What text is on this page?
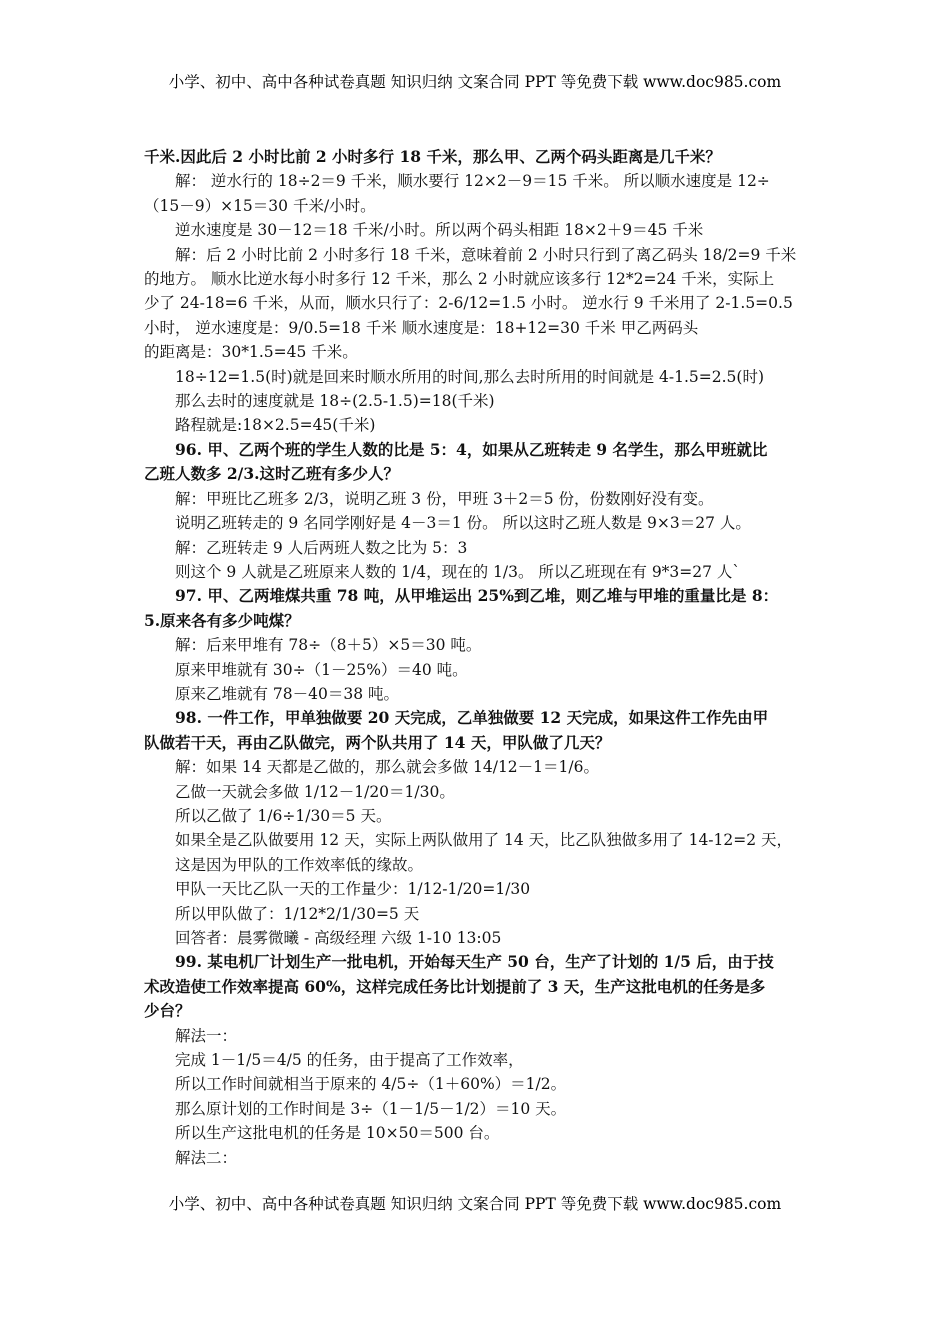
小学、初中、高中各种试卷真题 知识归纳 文案合同 PPT 等免费下载 www.doc985.com
千米.因此后 2 小时比前 2 小时多行 18 千米，那么甲、乙两个码头距离是几千米？
解： 逆水行的 18÷2＝9 千米，顺水要行 12×2－9＝15 千米。 所以顺水速度是 12÷
（15－9）×15＝30 千米/小时。
逆水速度是 30－12＝18 千米/小时。所以两个码头相距 18×2＋9＝45 千米
解：后 2 小时比前 2 小时多行 18 千米，意味着前 2 小时只行到了离乙码头 18/2=9 千米
的地方。 顺水比逆水每小时多行 12 千米，那么 2 小时就应该多行 12*2=24 千米，实际上
少了 24-18=6 千米，从而，顺水只行了：2-6/12=1.5 小时。 逆水行 9 千米用了 2-1.5=0.5
小时， 逆水速度是：9/0.5=18 千米 顺水速度是：18+12=30 千米 甲乙两码头
的距离是：30*1.5=45 千米。
18÷12=1.5(时)就是回来时顺水所用的时间,那么去时所用的时间就是 4-1.5=2.5(时)
那么去时的速度就是 18÷(2.5-1.5)=18(千米)
路程就是:18×2.5=45(千米)
96. 甲、乙两个班的学生人数的比是 5：4，如果从乙班转走 9 名学生，那么甲班就比
乙班人数多 2/3.这时乙班有多少人？
解：甲班比乙班多 2/3，说明乙班 3 份，甲班 3＋2＝5 份，份数刚好没有变。
说明乙班转走的 9 名同学刚好是 4－3＝1 份。 所以这时乙班人数是 9×3＝27 人。
解：乙班转走 9 人后两班人数之比为 5：3
则这个 9 人就是乙班原来人数的 1/4，现在的 1/3。 所以乙班现在有 9*3=27 人`
97. 甲、乙两堆煤共重 78 吨，从甲堆运出 25%到乙堆，则乙堆与甲堆的重量比是 8：
5.原来各有多少吨煤？
解：后来甲堆有 78÷（8＋5）×5＝30 吨。
原来甲堆就有 30÷（1－25%）＝40 吨。
原来乙堆就有 78－40＝38 吨。
98. 一件工作，甲单独做要 20 天完成，乙单独做要 12 天完成，如果这件工作先由甲
队做若干天，再由乙队做完，两个队共用了 14 天，甲队做了几天？
解：如果 14 天都是乙做的，那么就会多做 14/12－1＝1/6。
乙做一天就会多做 1/12－1/20＝1/30。
所以乙做了 1/6÷1/30＝5 天。
如果全是乙队做要用 12 天，实际上两队做用了 14 天，比乙队独做多用了 14-12=2 天，
这是因为甲队的工作效率低的缘故。
甲队一天比乙队一天的工作量少：1/12-1/20=1/30
所以甲队做了：1/12*2/1/30=5 天
回答者：晨雾微曦 - 高级经理 六级 1-10 13:05
99. 某电机厂计划生产一批电机，开始每天生产 50 台，生产了计划的 1/5 后，由于技
术改造使工作效率提高 60%，这样完成任务比计划提前了 3 天，生产这批电机的任务是多
少台？
解法一：
完成 1－1/5＝4/5 的任务，由于提高了工作效率，
所以工作时间就相当于原来的 4/5÷（1＋60%）＝1/2。
那么原计划的工作时间是 3÷（1－1/5－1/2）＝10 天。
所以生产这批电机的任务是 10×50＝500 台。
解法二：
小学、初中、高中各种试卷真题 知识归纳 文案合同 PPT 等免费下载 www.doc985.com
